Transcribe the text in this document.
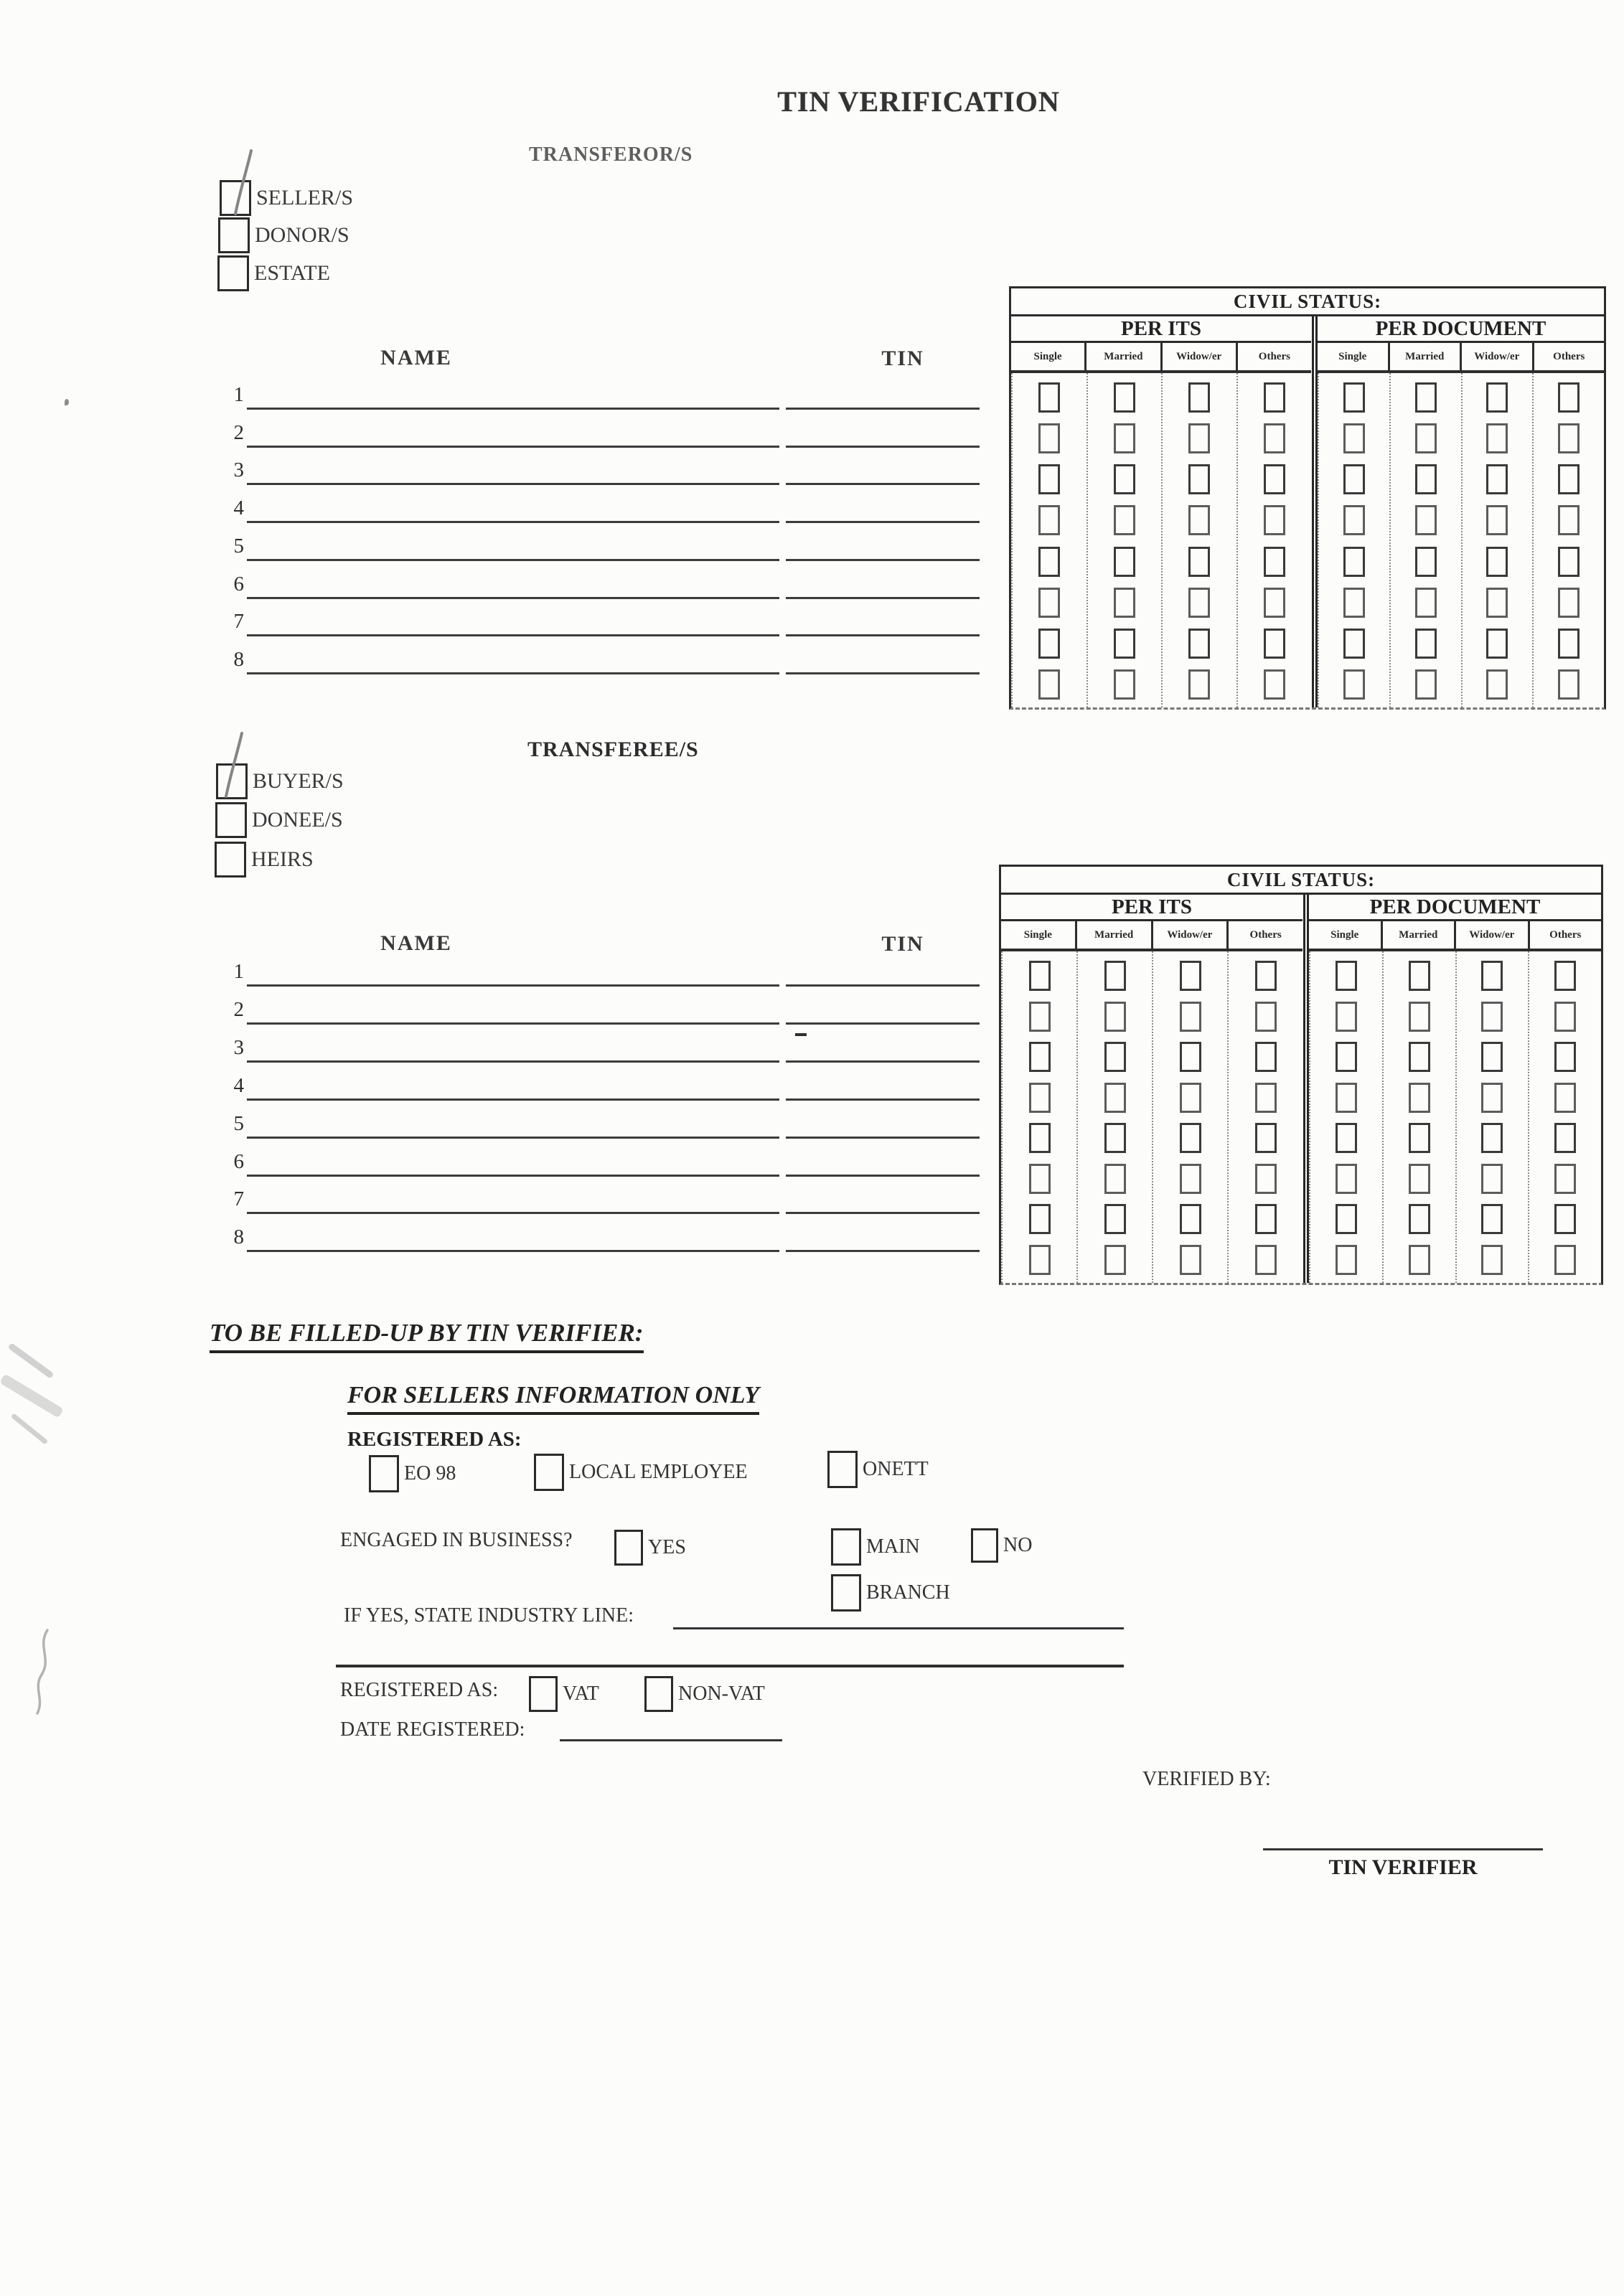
TIN VERIFICATION
TRANSFEROR/S
SELLER/S
DONOR/S
ESTATE
NAME	TIN
1
2
3
4
5
6
7
8
CIVIL STATUS:
PER ITS
Single	Married	Widow/er	Others
PER DOCUMENT
Single	Married	Widow/er	Others
TRANSFEREE/S
BUYER/S
DONEE/S
HEIRS
NAME	TIN
1
2
3
4
5
6
7
8
CIVIL STATUS:
PER ITS
Single	Married	Widow/er	Others
PER DOCUMENT
Single	Married	Widow/er	Others
TO BE FILLED-UP BY TIN VERIFIER:
FOR SELLERS INFORMATION ONLY
REGISTERED AS:
EO 98	LOCAL EMPLOYEE	ONETT
ENGAGED IN BUSINESS?	YES	MAIN	NO
BRANCH
IF YES, STATE INDUSTRY LINE:
REGISTERED AS:	VAT	NON-VAT
DATE REGISTERED:
VERIFIED BY:
TIN VERIFIER
